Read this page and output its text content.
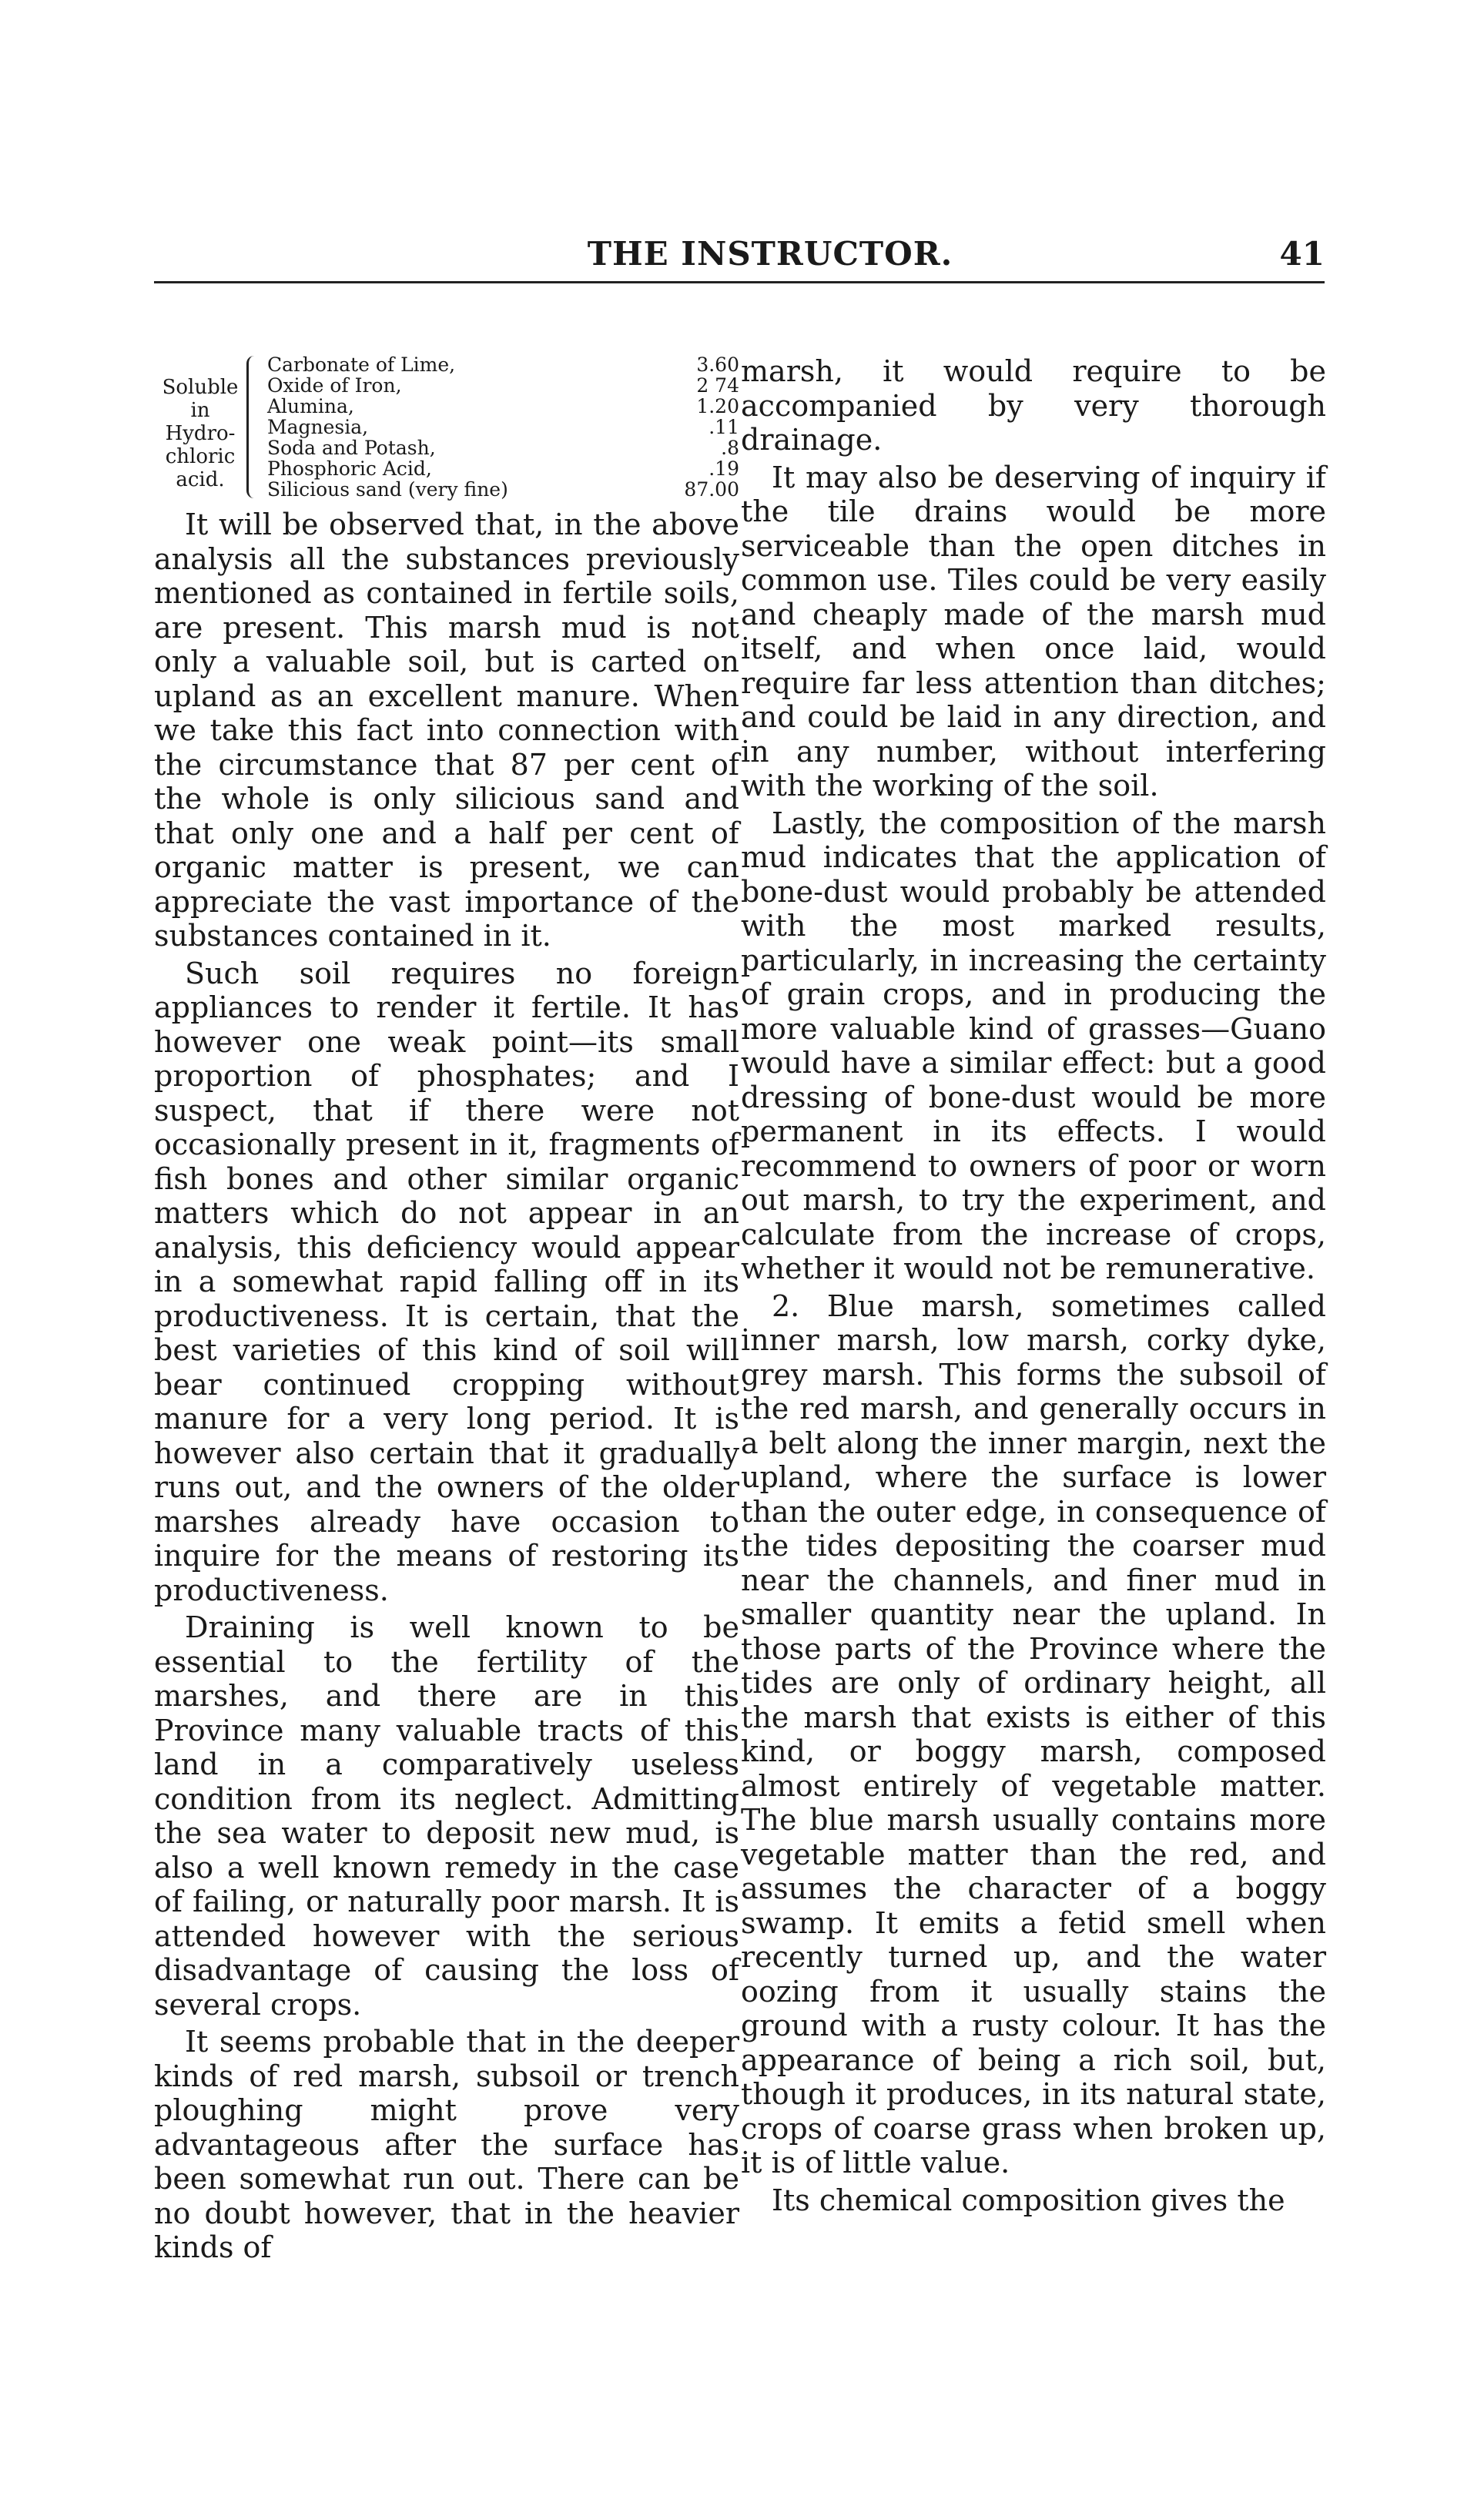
THE INSTRUCTOR.	41
Soluble
in
Hydro-
chloric
acid.
Carbonate of Lime,	3.60
Oxide of Iron,	2 74
Alumina,	1.20
Magnesia,	.11
Soda and Potash,	.8
Phosphoric Acid,	.19
Silicious sand (very fine)	87.00

It will be observed that, in the above analysis all the substances previously mentioned as contained in fertile soils, are present. This marsh mud is not only a valuable soil, but is carted on upland as an excellent manure. When we take this fact into connection with the circumstance that 87 per cent of the whole is only silicious sand and that only one and a half per cent of organic matter is present, we can appreciate the vast importance of the substances contained in it.

Such soil requires no foreign appliances to render it fertile. It has however one weak point—its small proportion of phosphates; and I suspect, that if there were not occasionally present in it, fragments of fish bones and other similar organic matters which do not appear in an analysis, this deficiency would appear in a somewhat rapid falling off in its productiveness. It is certain, that the best varieties of this kind of soil will bear continued cropping without manure for a very long period. It is however also certain that it gradually runs out, and the owners of the older marshes already have occasion to inquire for the means of restoring its productiveness.

Draining is well known to be essential to the fertility of the marshes, and there are in this Province many valuable tracts of this land in a comparatively useless condition from its neglect. Admitting the sea water to deposit new mud, is also a well known remedy in the case of failing, or naturally poor marsh. It is attended however with the serious disadvantage of causing the loss of several crops.

It seems probable that in the deeper kinds of red marsh, subsoil or trench ploughing might prove very advantageous after the surface has been somewhat run out. There can be no doubt however, that in the heavier kinds of

marsh, it would require to be accompanied by very thorough drainage.

It may also be deserving of inquiry if the tile drains would be more serviceable than the open ditches in common use. Tiles could be very easily and cheaply made of the marsh mud itself, and when once laid, would require far less attention than ditches; and could be laid in any direction, and in any number, without interfering with the working of the soil.

Lastly, the composition of the marsh mud indicates that the application of bone-dust would probably be attended with the most marked results, particularly, in increasing the certainty of grain crops, and in producing the more valuable kind of grasses—Guano would have a similar effect: but a good dressing of bone-dust would be more permanent in its effects. I would recommend to owners of poor or worn out marsh, to try the experiment, and calculate from the increase of crops, whether it would not be remunerative.

2. Blue marsh, sometimes called inner marsh, low marsh, corky dyke, grey marsh. This forms the subsoil of the red marsh, and generally occurs in a belt along the inner margin, next the upland, where the surface is lower than the outer edge, in consequence of the tides depositing the coarser mud near the channels, and finer mud in smaller quantity near the upland. In those parts of the Province where the tides are only of ordinary height, all the marsh that exists is either of this kind, or boggy marsh, composed almost entirely of vegetable matter. The blue marsh usually contains more vegetable matter than the red, and assumes the character of a boggy swamp. It emits a fetid smell when recently turned up, and the water oozing from it usually stains the ground with a rusty colour. It has the appearance of being a rich soil, but, though it produces, in its natural state, crops of coarse grass when broken up, it is of little value.

Its chemical composition gives the
